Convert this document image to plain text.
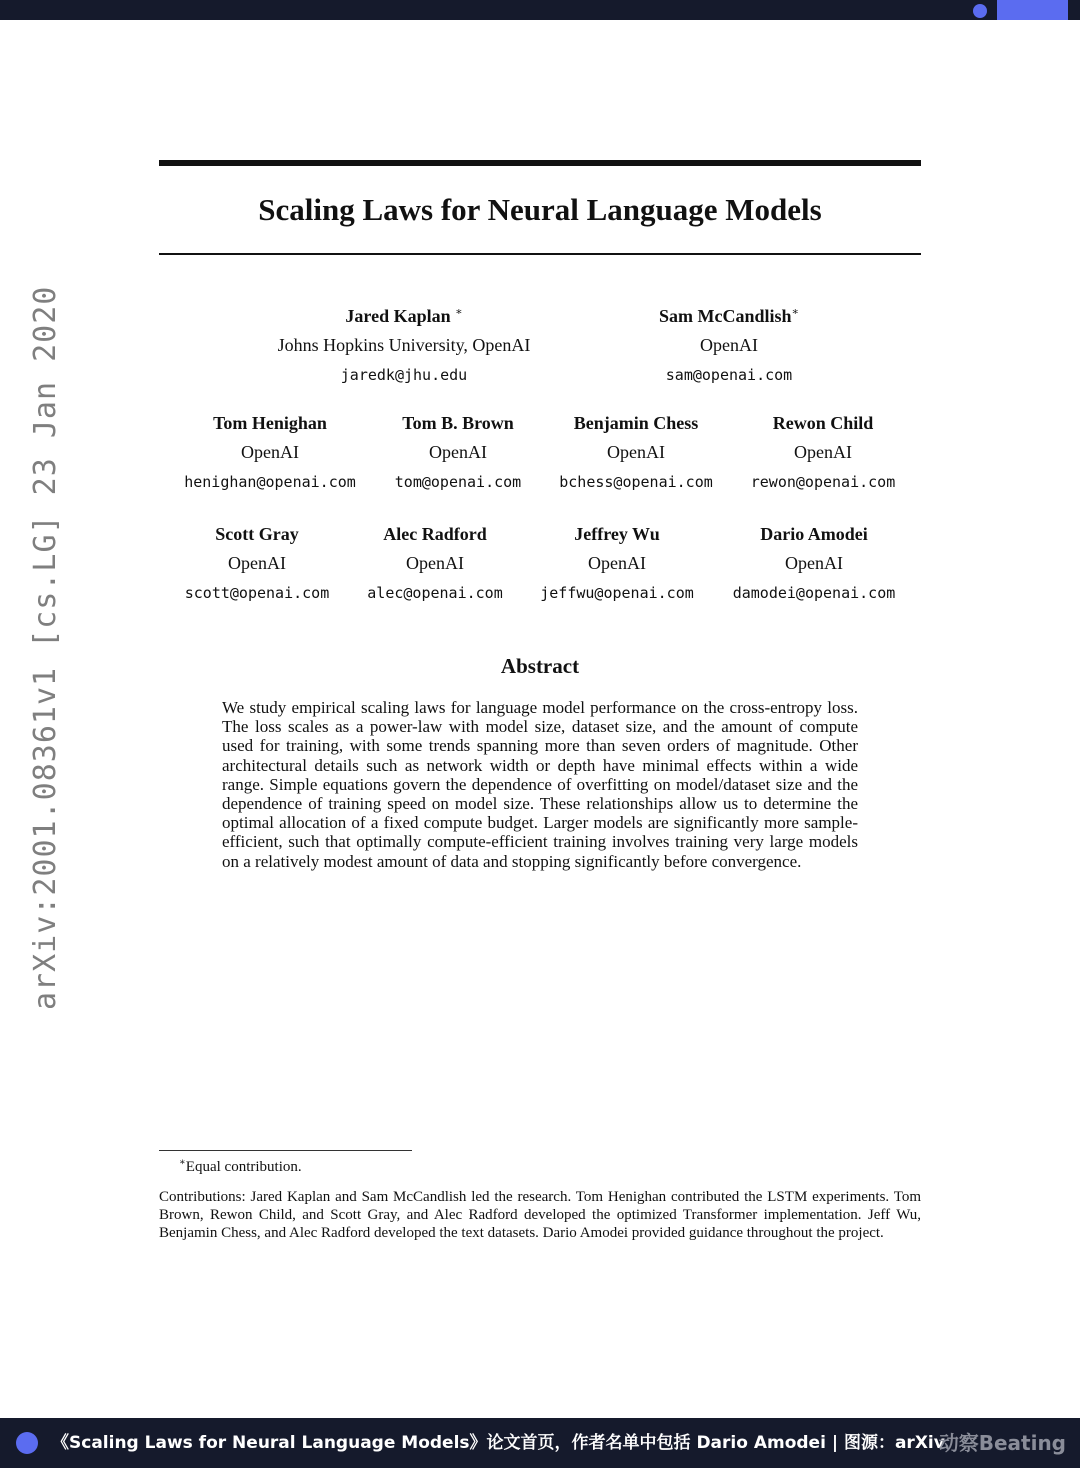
arXiv:2001.08361v1 [cs.LG] 23 Jan 2020
Scaling Laws for Neural Language Models
Jared Kaplan ∗
Johns Hopkins University, OpenAI
jaredk@jhu.edu
Sam McCandlish∗
OpenAI
sam@openai.com
Tom Henighan
OpenAI
henighan@openai.com
Tom B. Brown
OpenAI
tom@openai.com
Benjamin Chess
OpenAI
bchess@openai.com
Rewon Child
OpenAI
rewon@openai.com
Scott Gray
OpenAI
scott@openai.com
Alec Radford
OpenAI
alec@openai.com
Jeffrey Wu
OpenAI
jeffwu@openai.com
Dario Amodei
OpenAI
damodei@openai.com
Abstract
We study empirical scaling laws for language model performance on the cross-entropy loss. The loss scales as a power-law with model size, dataset size, and the amount of compute used for training, with some trends spanning more than seven orders of magnitude. Other architectural details such as network width or depth have minimal effects within a wide range. Simple equations govern the dependence of overfitting on model/dataset size and the dependence of training speed on model size. These relationships allow us to determine the optimal allocation of a fixed compute budget. Larger models are significantly more sample-efficient, such that optimally compute-efficient training involves training very large models on a relatively modest amount of data and stopping significantly before convergence.
∗Equal contribution.
Contributions: Jared Kaplan and Sam McCandlish led the research. Tom Henighan contributed the LSTM experiments. Tom Brown, Rewon Child, and Scott Gray, and Alec Radford developed the optimized Transformer implementation. Jeff Wu, Benjamin Chess, and Alec Radford developed the text datasets. Dario Amodei provided guidance throughout the project.
《Scaling Laws for Neural Language Models》论文首页，作者名单中包括 Dario Amodei | 图源：arXiv
动察Beating
